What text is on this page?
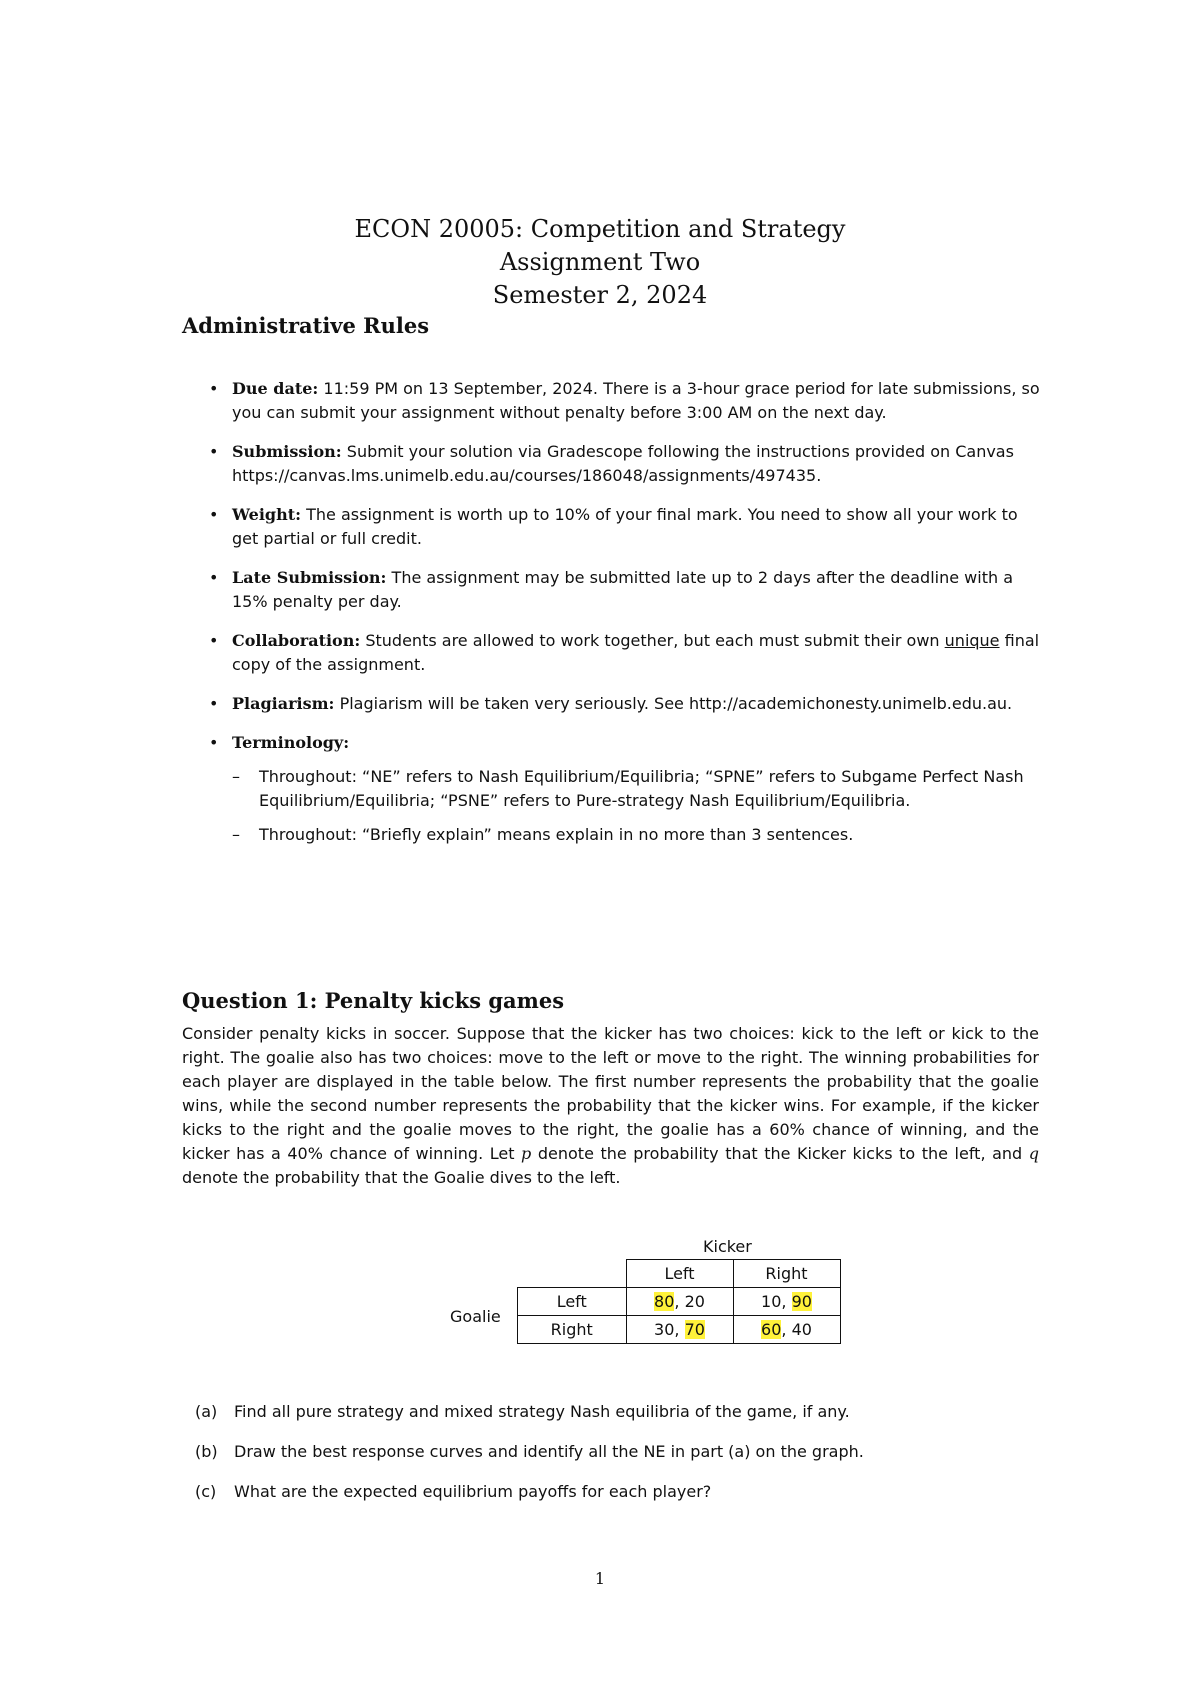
ECON 20005: Competition and Strategy
Assignment Two
Semester 2, 2024
Administrative Rules
• Due date: 11:59 PM on 13 September, 2024. There is a 3-hour grace period for late submissions, so you can submit your assignment without penalty before 3:00 AM on the next day.
• Submission: Submit your solution via Gradescope following the instructions provided on Canvas https://canvas.lms.unimelb.edu.au/courses/186048/assignments/497435.
• Weight: The assignment is worth up to 10% of your final mark. You need to show all your work to get partial or full credit.
• Late Submission: The assignment may be submitted late up to 2 days after the deadline with a 15% penalty per day.
• Collaboration: Students are allowed to work together, but each must submit their own unique final copy of the assignment.
• Plagiarism: Plagiarism will be taken very seriously. See http://academichonesty.unimelb.edu.au.
• Terminology:
– Throughout: “NE” refers to Nash Equilibrium/Equilibria; “SPNE” refers to Subgame Perfect Nash Equilibrium/Equilibria; “PSNE” refers to Pure-strategy Nash Equilibrium/Equilibria.
– Throughout: “Briefly explain” means explain in no more than 3 sentences.
Question 1: Penalty kicks games
Consider penalty kicks in soccer. Suppose that the kicker has two choices: kick to the left or kick to the right. The goalie also has two choices: move to the left or move to the right. The winning probabilities for each player are displayed in the table below. The first number represents the probability that the goalie wins, while the second number represents the probability that the kicker wins. For example, if the kicker kicks to the right and the goalie moves to the right, the goalie has a 60% chance of winning, and the kicker has a 40% chance of winning. Let p denote the probability that the Kicker kicks to the left, and q denote the probability that the Goalie dives to the left.
Kicker
Goalie
	Left	Right
Left	80, 20	10, 90
Right	30, 70	60, 40
(a) Find all pure strategy and mixed strategy Nash equilibria of the game, if any.
(b) Draw the best response curves and identify all the NE in part (a) on the graph.
(c) What are the expected equilibrium payoffs for each player?
1
